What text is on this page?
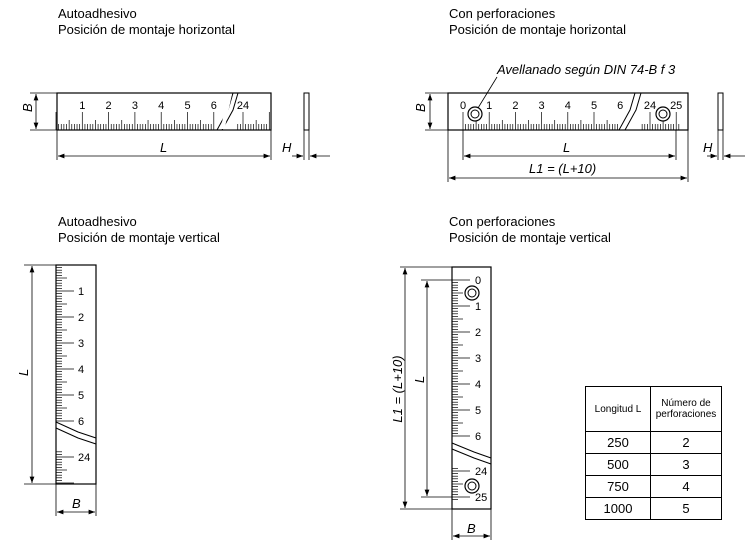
Autoadhesivo
Posición de montaje horizontal
Con perforaciones
Posición de montaje horizontal
Autoadhesivo
Posición de montaje vertical
Con perforaciones
Posición de montaje vertical
1 2 3 4 5 6 24
B
L	H
0 1 2 3 4 5 6 24 25
Avellanado según DIN 74-B f 3
B
L
L1 = (L+10)
H
1
2
3
4
5
6
24
L
B
0
1
2
3
4
5
6
24
25
L1 = (L+10) L
B
Longitud L	Número de perforaciones
250	2
500	3
750	4
1000	5
